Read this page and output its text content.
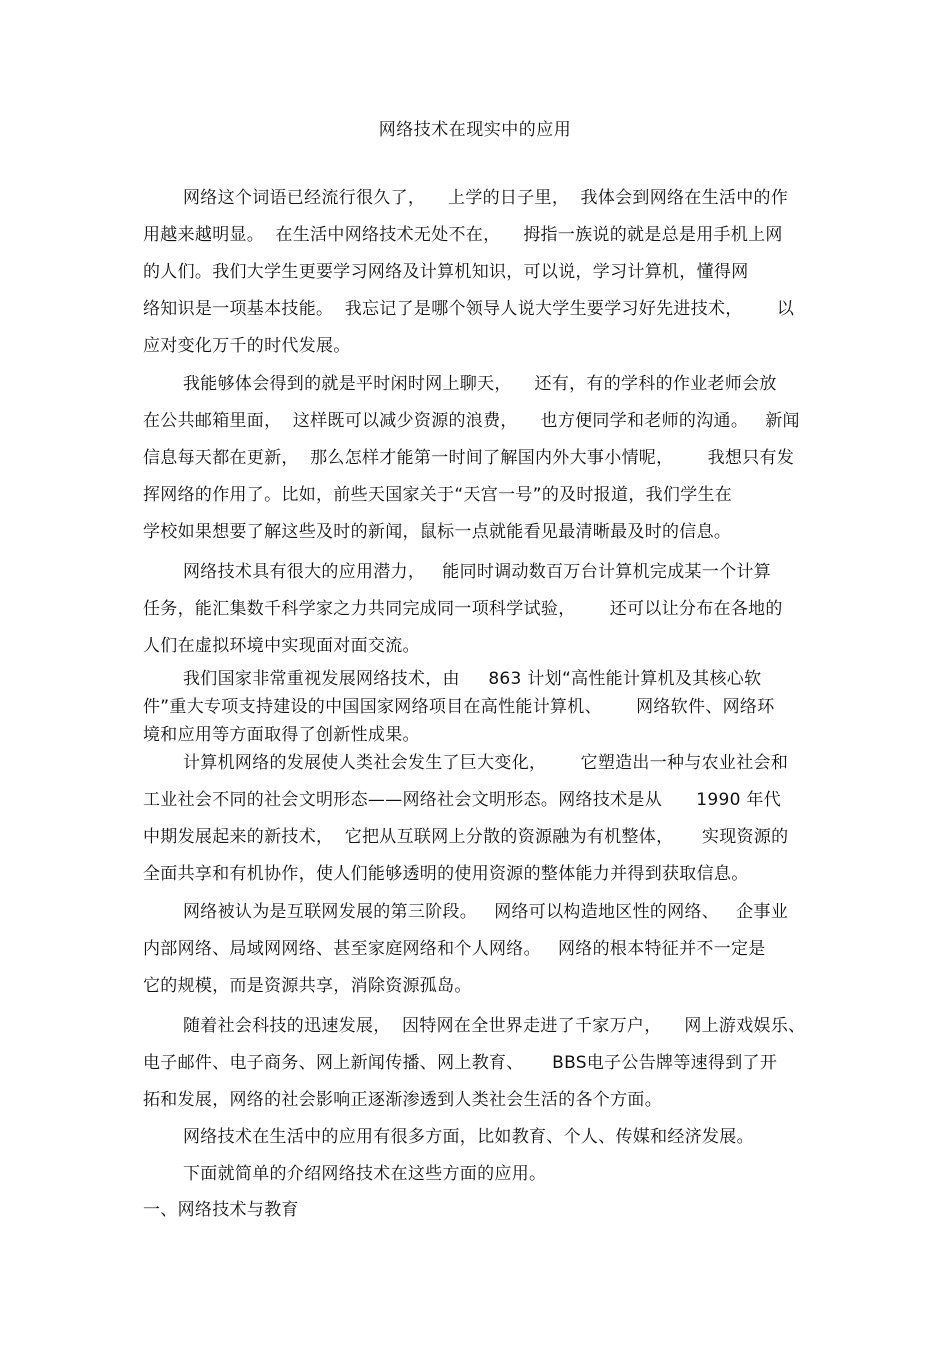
网络技术在现实中的应用
网络这个词语已经流行很久了，    上学的日子里，  我体会到网络在生活中的作
用越来越明显。  在生活中网络技术无处不在，    拇指一族说的就是总是用手机上网
的人们。我们大学生更要学习网络及计算机知识，可以说，学习计算机，懂得网
络知识是一项基本技能。  我忘记了是哪个领导人说大学生要学习好先进技术，      以
应对变化万千的时代发展。
我能够体会得到的就是平时闲时网上聊天，    还有，有的学科的作业老师会放
在公共邮箱里面，  这样既可以减少资源的浪费，    也方便同学和老师的沟通。   新闻
信息每天都在更新，  那么怎样才能第一时间了解国内外大事小情呢，      我想只有发
挥网络的作用了。比如，前些天国家关于“天宫一号”的及时报道，我们学生在
学校如果想要了解这些及时的新闻，鼠标一点就能看见最清晰最及时的信息。
网络技术具有很大的应用潜力，   能同时调动数百万台计算机完成某一个计算
任务，能汇集数千科学家之力共同完成同一项科学试验，      还可以让分布在各地的
人们在虚拟环境中实现面对面交流。
我们国家非常重视发展网络技术，由     863 计划“高性能计算机及其核心软
件”重大专项支持建设的中国国家网络项目在高性能计算机、      网络软件、网络环
境和应用等方面取得了创新性成果。
计算机网络的发展使人类社会发生了巨大变化，      它塑造出一种与农业社会和
工业社会不同的社会文明形态——网络社会文明形态。网络技术是从      1990 年代
中期发展起来的新技术，  它把从互联网上分散的资源融为有机整体，     实现资源的
全面共享和有机协作，使人们能够透明的使用资源的整体能力并得到获取信息。
网络被认为是互联网发展的第三阶段。   网络可以构造地区性的网络、   企事业
内部网络、局域网网络、甚至家庭网络和个人网络。   网络的根本特征并不一定是
它的规模，而是资源共享，消除资源孤岛。
随着社会科技的迅速发展，  因特网在全世界走进了千家万户，    网上游戏娱乐、
电子邮件、电子商务、网上新闻传播、网上教育、     BBS电子公告牌等速得到了开
拓和发展，网络的社会影响正逐渐渗透到人类社会生活的各个方面。
网络技术在生活中的应用有很多方面，比如教育、个人、传媒和经济发展。
下面就简单的介绍网络技术在这些方面的应用。
一、网络技术与教育
